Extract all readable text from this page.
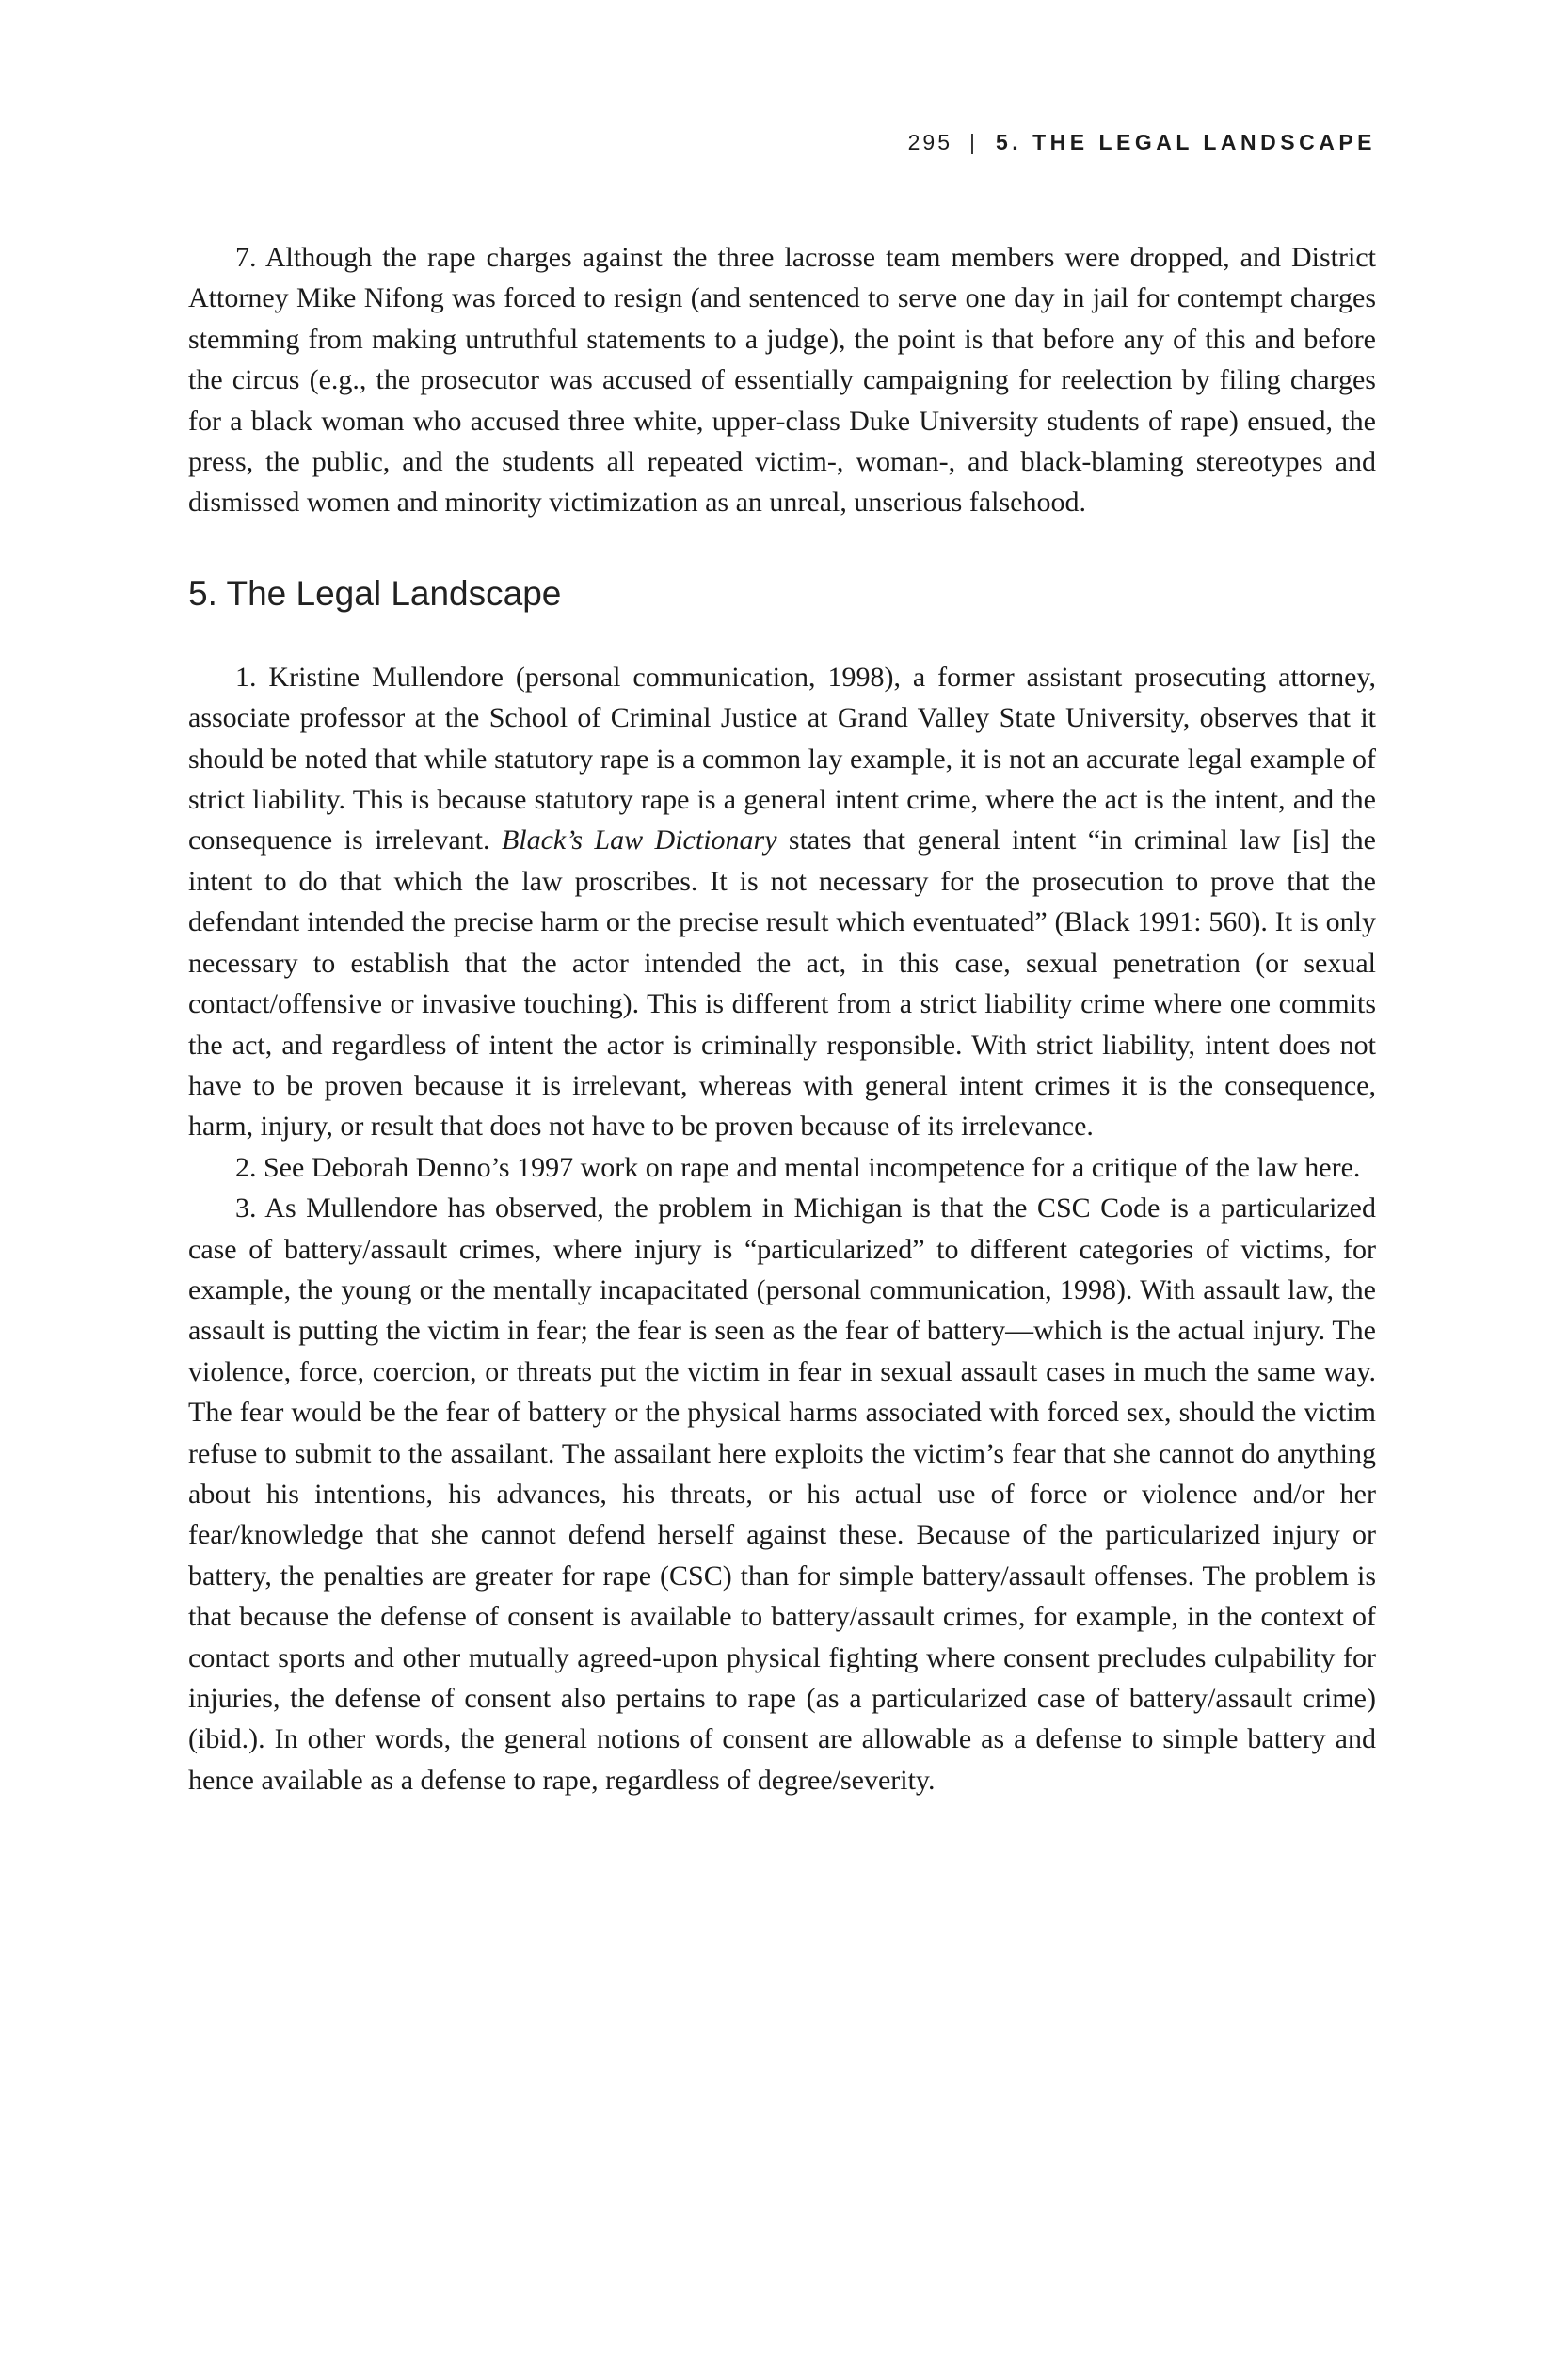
295 | 5. THE LEGAL LANDSCAPE

7. Although the rape charges against the three lacrosse team members were dropped, and District Attorney Mike Nifong was forced to resign (and sentenced to serve one day in jail for contempt charges stemming from making untruthful statements to a judge), the point is that before any of this and before the circus (e.g., the prosecutor was accused of essentially campaigning for reelection by filing charges for a black woman who accused three white, upper-class Duke University students of rape) ensued, the press, the public, and the students all repeated victim-, woman-, and black-blaming stereotypes and dismissed women and minority victimization as an unreal, unserious falsehood.

5. The Legal Landscape

1. Kristine Mullendore (personal communication, 1998), a former assistant prosecuting attorney, associate professor at the School of Criminal Justice at Grand Valley State University, observes that it should be noted that while statutory rape is a common lay example, it is not an accurate legal example of strict liability. This is because statutory rape is a general intent crime, where the act is the intent, and the consequence is irrelevant. Black’s Law Dictionary states that general intent “in criminal law [is] the intent to do that which the law proscribes. It is not necessary for the prosecution to prove that the defendant intended the precise harm or the precise result which eventuated” (Black 1991: 560). It is only necessary to establish that the actor intended the act, in this case, sexual penetration (or sexual contact/offensive or invasive touching). This is different from a strict liability crime where one commits the act, and regardless of intent the actor is criminally responsible. With strict liability, intent does not have to be proven because it is irrelevant, whereas with general intent crimes it is the consequence, harm, injury, or result that does not have to be proven because of its irrelevance.

2. See Deborah Denno’s 1997 work on rape and mental incompetence for a critique of the law here.

3. As Mullendore has observed, the problem in Michigan is that the CSC Code is a particularized case of battery/assault crimes, where injury is “particularized” to different categories of victims, for example, the young or the mentally incapacitated (personal communication, 1998). With assault law, the assault is putting the victim in fear; the fear is seen as the fear of battery—which is the actual injury. The violence, force, coercion, or threats put the victim in fear in sexual assault cases in much the same way. The fear would be the fear of battery or the physical harms associated with forced sex, should the victim refuse to submit to the assailant. The assailant here exploits the victim’s fear that she cannot do anything about his intentions, his advances, his threats, or his actual use of force or violence and/or her fear/knowledge that she cannot defend herself against these. Because of the particularized injury or battery, the penalties are greater for rape (CSC) than for simple battery/assault offenses. The problem is that because the defense of consent is available to battery/assault crimes, for example, in the context of contact sports and other mutually agreed-upon physical fighting where consent precludes culpability for injuries, the defense of consent also pertains to rape (as a particularized case of battery/assault crime) (ibid.). In other words, the general notions of consent are allowable as a defense to simple battery and hence available as a defense to rape, regardless of degree/severity.
